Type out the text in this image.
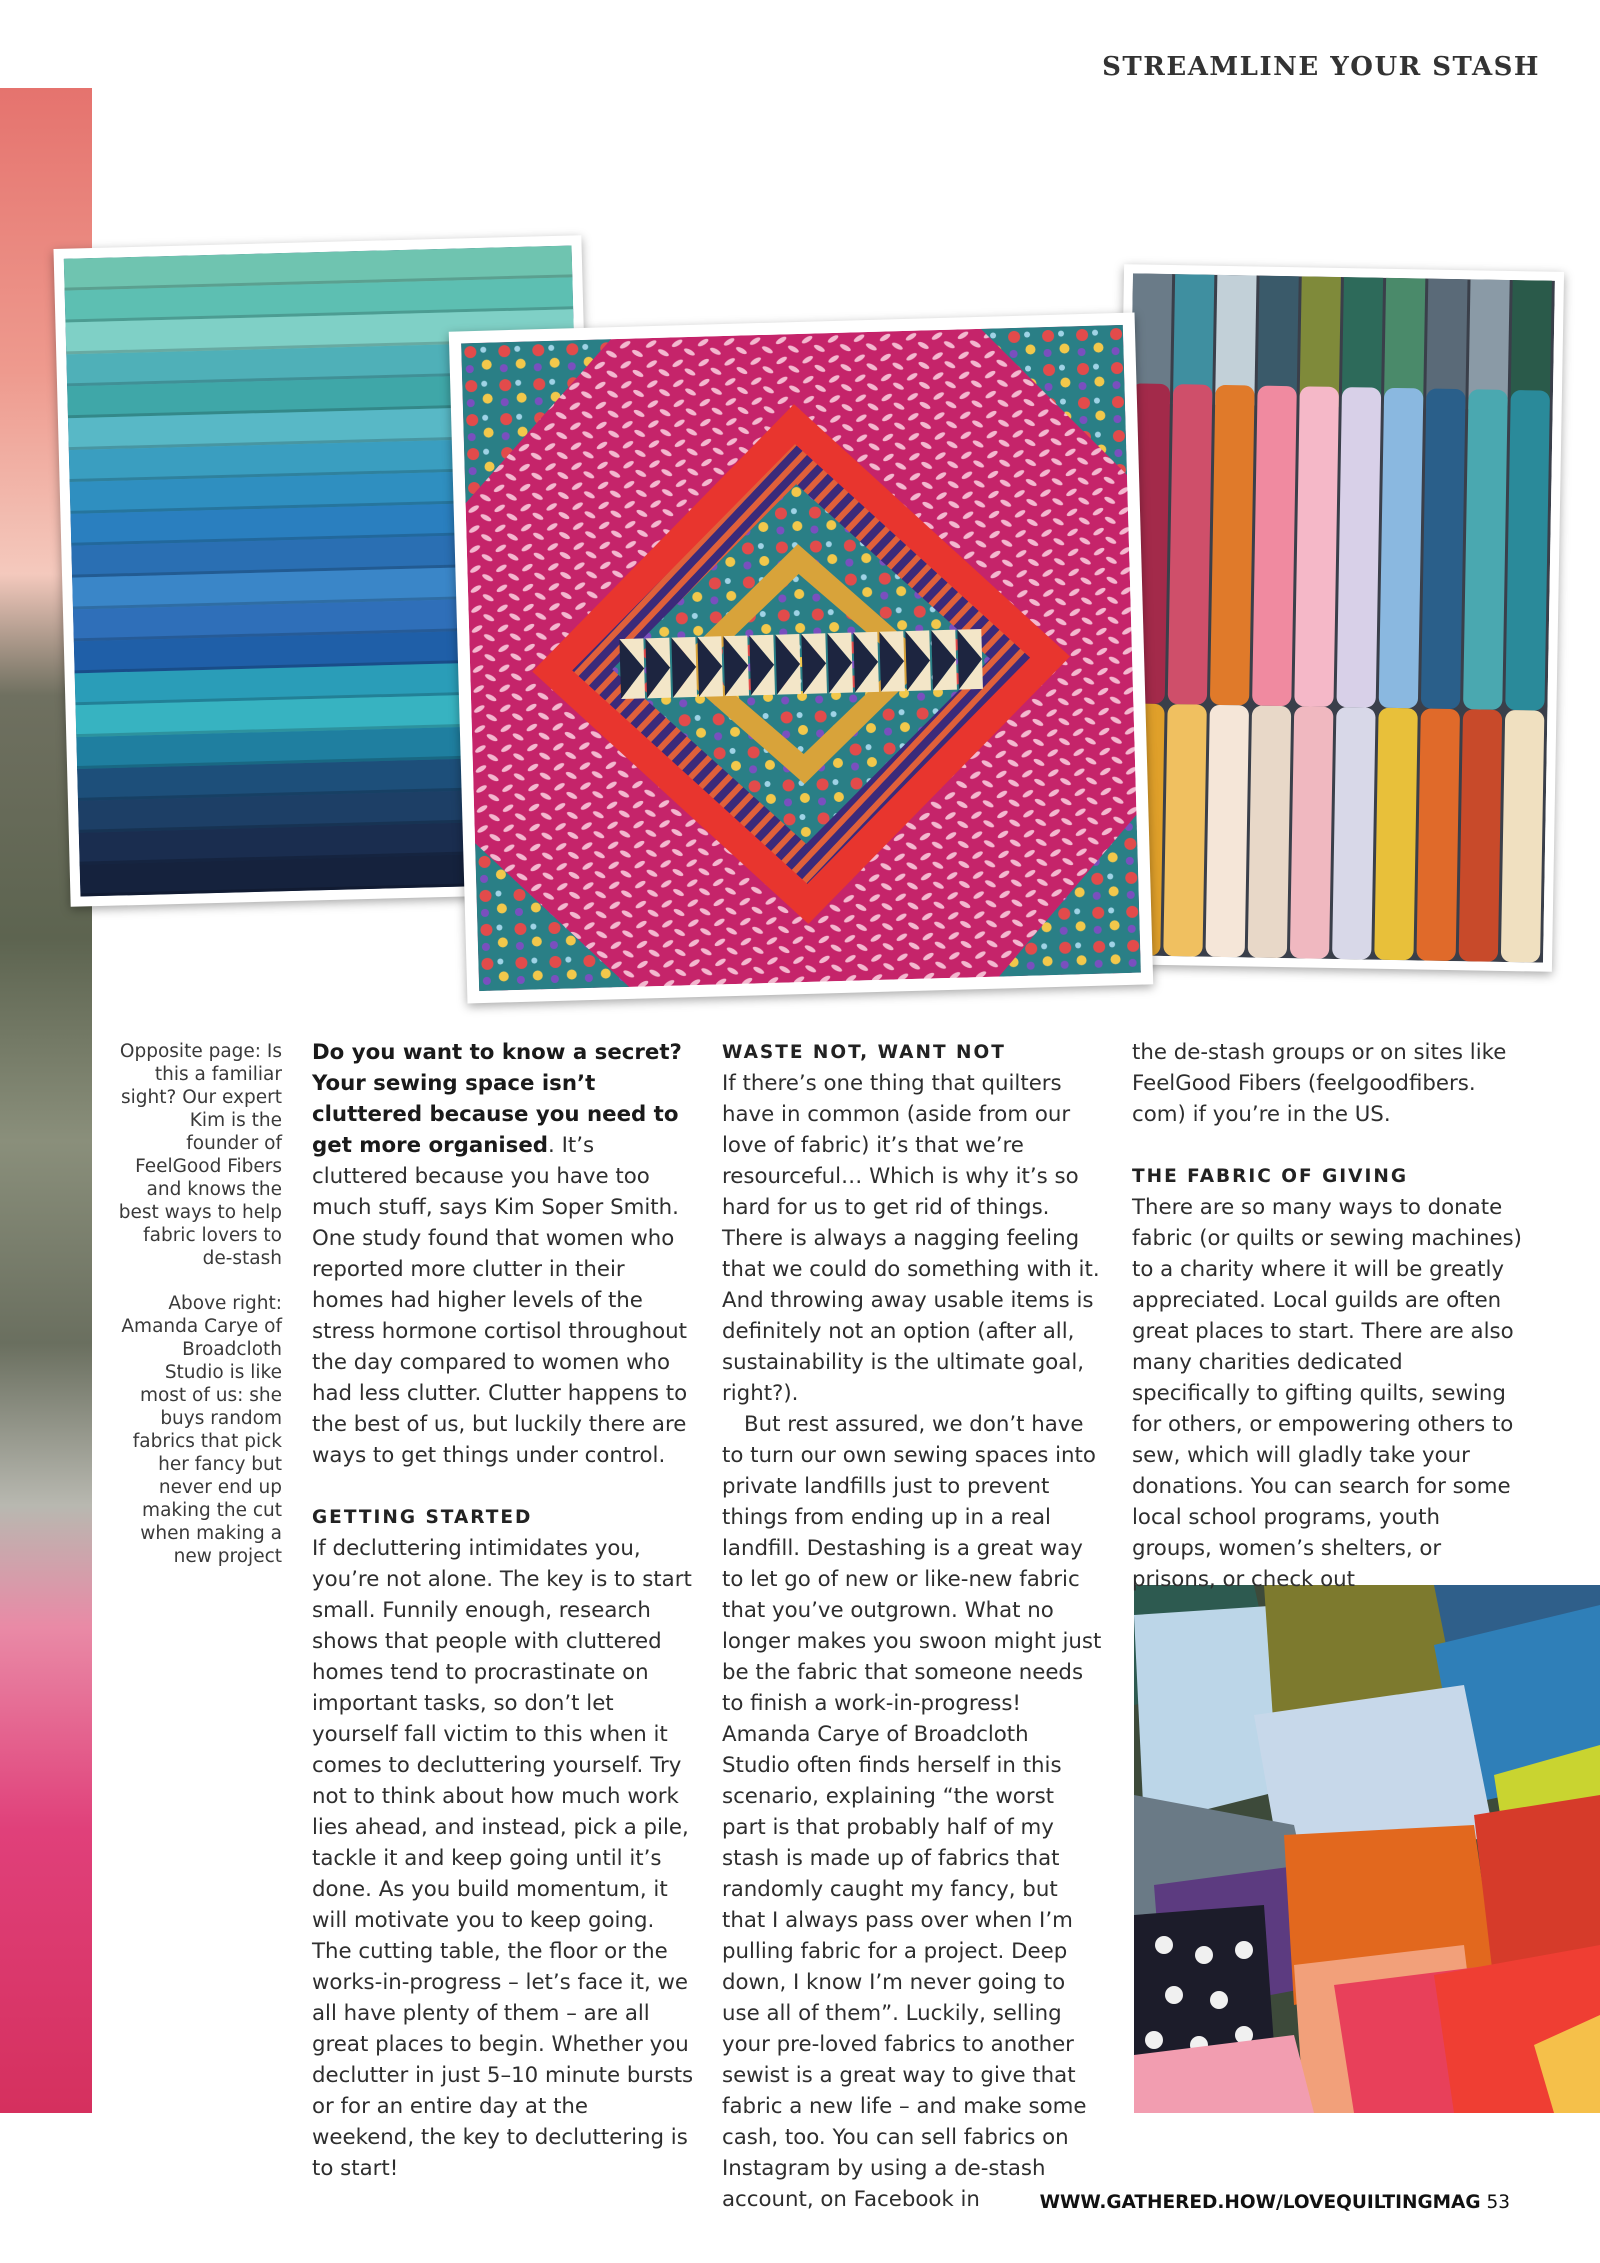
STREAMLINE YOUR STASH

Opposite page: Is this a familiar sight? Our expert Kim is the founder of FeelGood Fibers and knows the best ways to help fabric lovers to de-stash

Above right: Amanda Carye of Broadcloth Studio is like most of us: she buys random fabrics that pick her fancy but never end up making the cut when making a new project

Do you want to know a secret? Your sewing space isn’t cluttered because you need to get more organised. It’s cluttered because you have too much stuff, says Kim Soper Smith. One study found that women who reported more clutter in their homes had higher levels of the stress hormone cortisol throughout the day compared to women who had less clutter. Clutter happens to the best of us, but luckily there are ways to get things under control.

GETTING STARTED

If decluttering intimidates you, you’re not alone. The key is to start small. Funnily enough, research shows that people with cluttered homes tend to procrastinate on important tasks, so don’t let yourself fall victim to this when it comes to decluttering yourself. Try not to think about how much work lies ahead, and instead, pick a pile, tackle it and keep going until it’s done. As you build momentum, it will motivate you to keep going. The cutting table, the floor or the works-in-progress – let’s face it, we all have plenty of them – are all great places to begin. Whether you declutter in just 5–10 minute bursts or for an entire day at the weekend, the key to decluttering is to start!

WASTE NOT, WANT NOT

If there’s one thing that quilters have in common (aside from our love of fabric) it’s that we’re resourceful… Which is why it’s so hard for us to get rid of things. There is always a nagging feeling that we could do something with it. And throwing away usable items is definitely not an option (after all, sustainability is the ultimate goal, right?).

But rest assured, we don’t have to turn our own sewing spaces into private landfills just to prevent things from ending up in a real landfill. Destashing is a great way to let go of new or like-new fabric that you’ve outgrown. What no longer makes you swoon might just be the fabric that someone needs to finish a work-in-progress! Amanda Carye of Broadcloth Studio often finds herself in this scenario, explaining “the worst part is that probably half of my stash is made up of fabrics that randomly caught my fancy, but that I always pass over when I’m pulling fabric for a project. Deep down, I know I’m never going to use all of them”. Luckily, selling your pre-loved fabrics to another sewist is a great way to give that fabric a new life – and make some cash, too. You can sell fabrics on Instagram by using a de-stash account, on Facebook in

the de-stash groups or on sites like FeelGood Fibers (feelgoodfibers. com) if you’re in the US.

THE FABRIC OF GIVING

There are so many ways to donate fabric (or quilts or sewing machines) to a charity where it will be greatly appreciated. Local guilds are often great places to start. There are also many charities dedicated specifically to gifting quilts, sewing for others, or empowering others to sew, which will gladly take your donations. You can search for some local school programs, youth groups, women’s shelters, or prisons, or check out

WWW.GATHERED.HOW/LOVEQUILTINGMAG 53
